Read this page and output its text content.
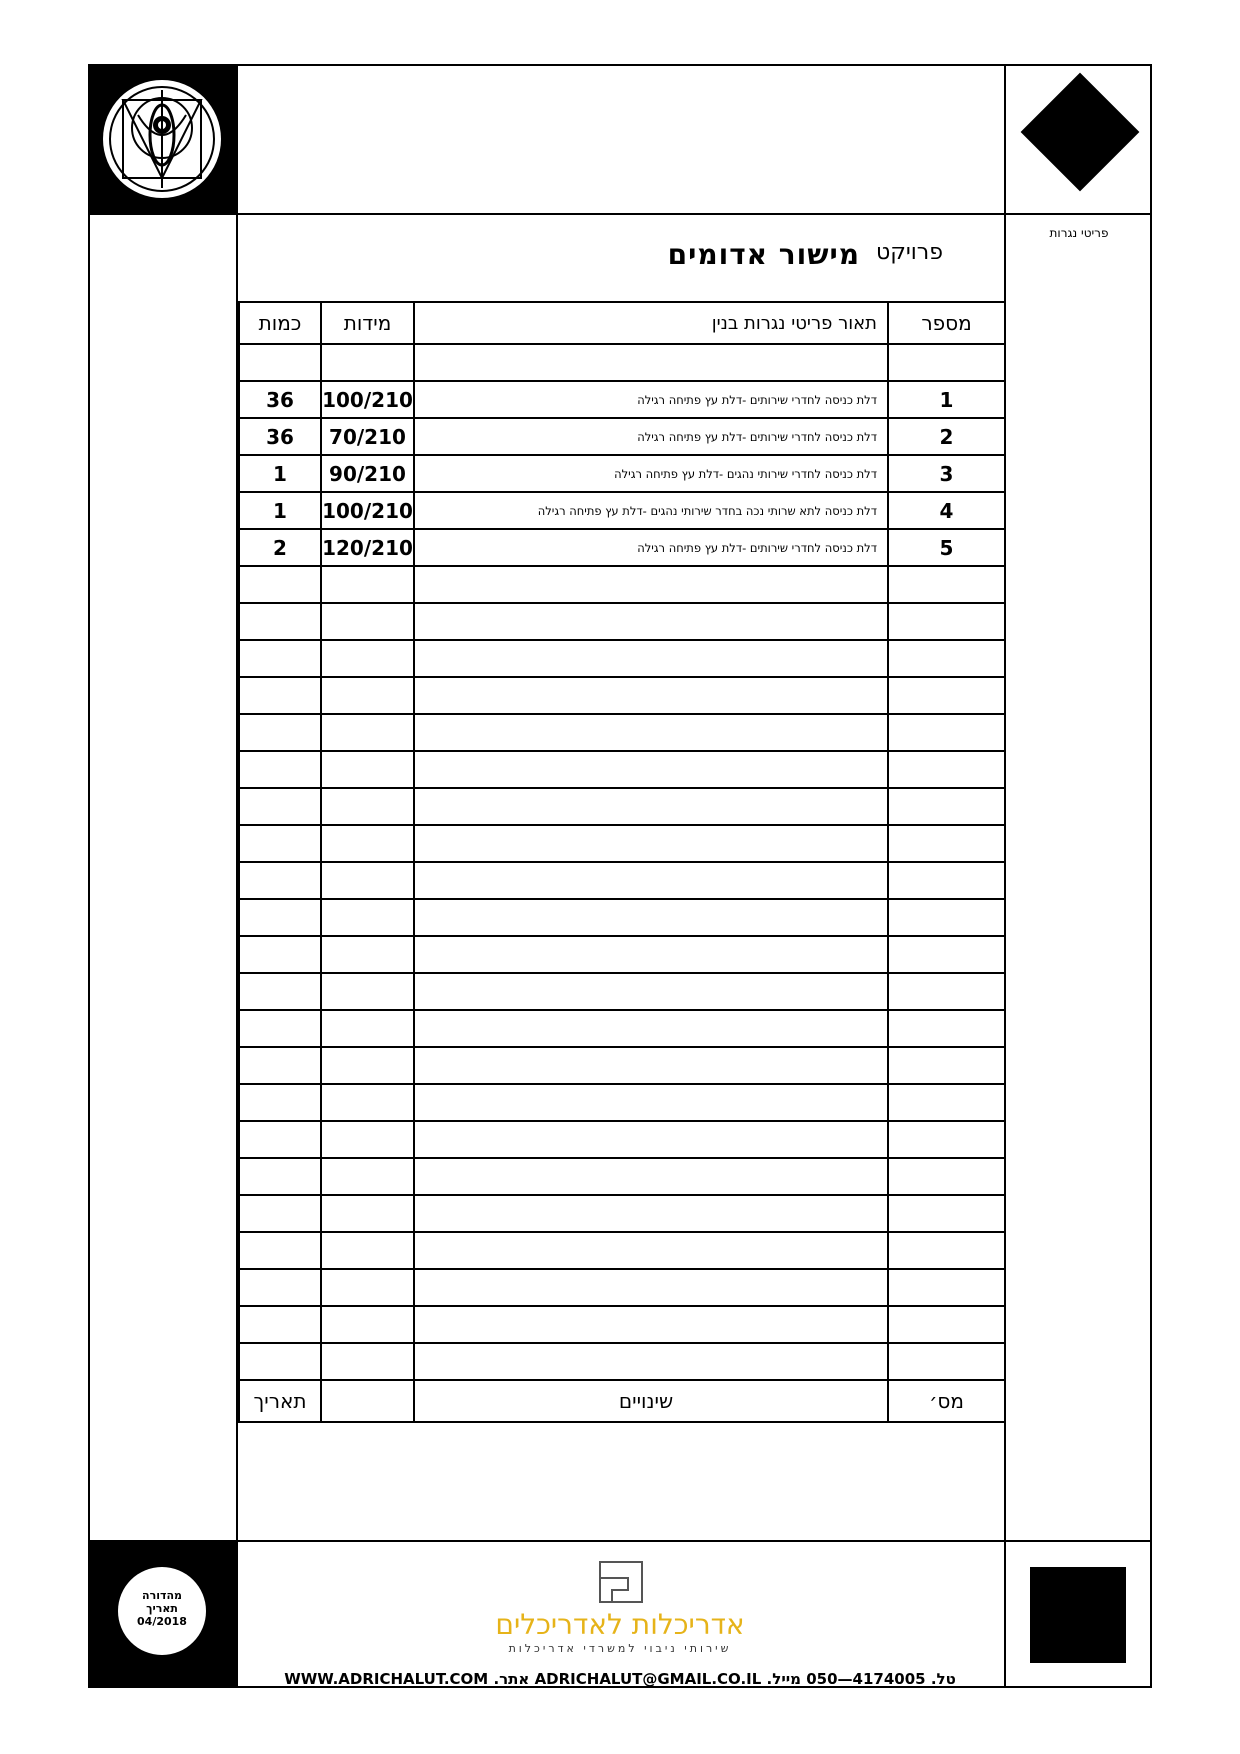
פריטי נגרות
פרויקט
מישור אדומים
מספר	תאור פריטי נגרות בנין	מידות	כמות

1	דלת כניסה לחדרי שירותים -דלת עץ פתיחה רגילה	100/210	36
2	דלת כניסה לחדרי שירותים -דלת עץ פתיחה רגילה	70/210	36
3	דלת כניסה לחדרי שירותי נהגים -דלת עץ פתיחה רגילה	90/210	1
4	דלת כניסה לתא שרותי נכה בחדר שירותי נהגים -דלת עץ פתיחה רגילה	100/210	1
5	דלת כניסה לחדרי שירותים -דלת עץ פתיחה רגילה	120/210	2

מס׳	שינויים		תאריך
מהדורה
תאריך
04/2018	אדריכלות לאדריכלים
שירותי ניבוי למשרדי אדריכלות
טל. 4174005—050 מייל. ADRICHALUT@GMAIL.CO.IL אתר. WWW.ADRICHALUT.COM
